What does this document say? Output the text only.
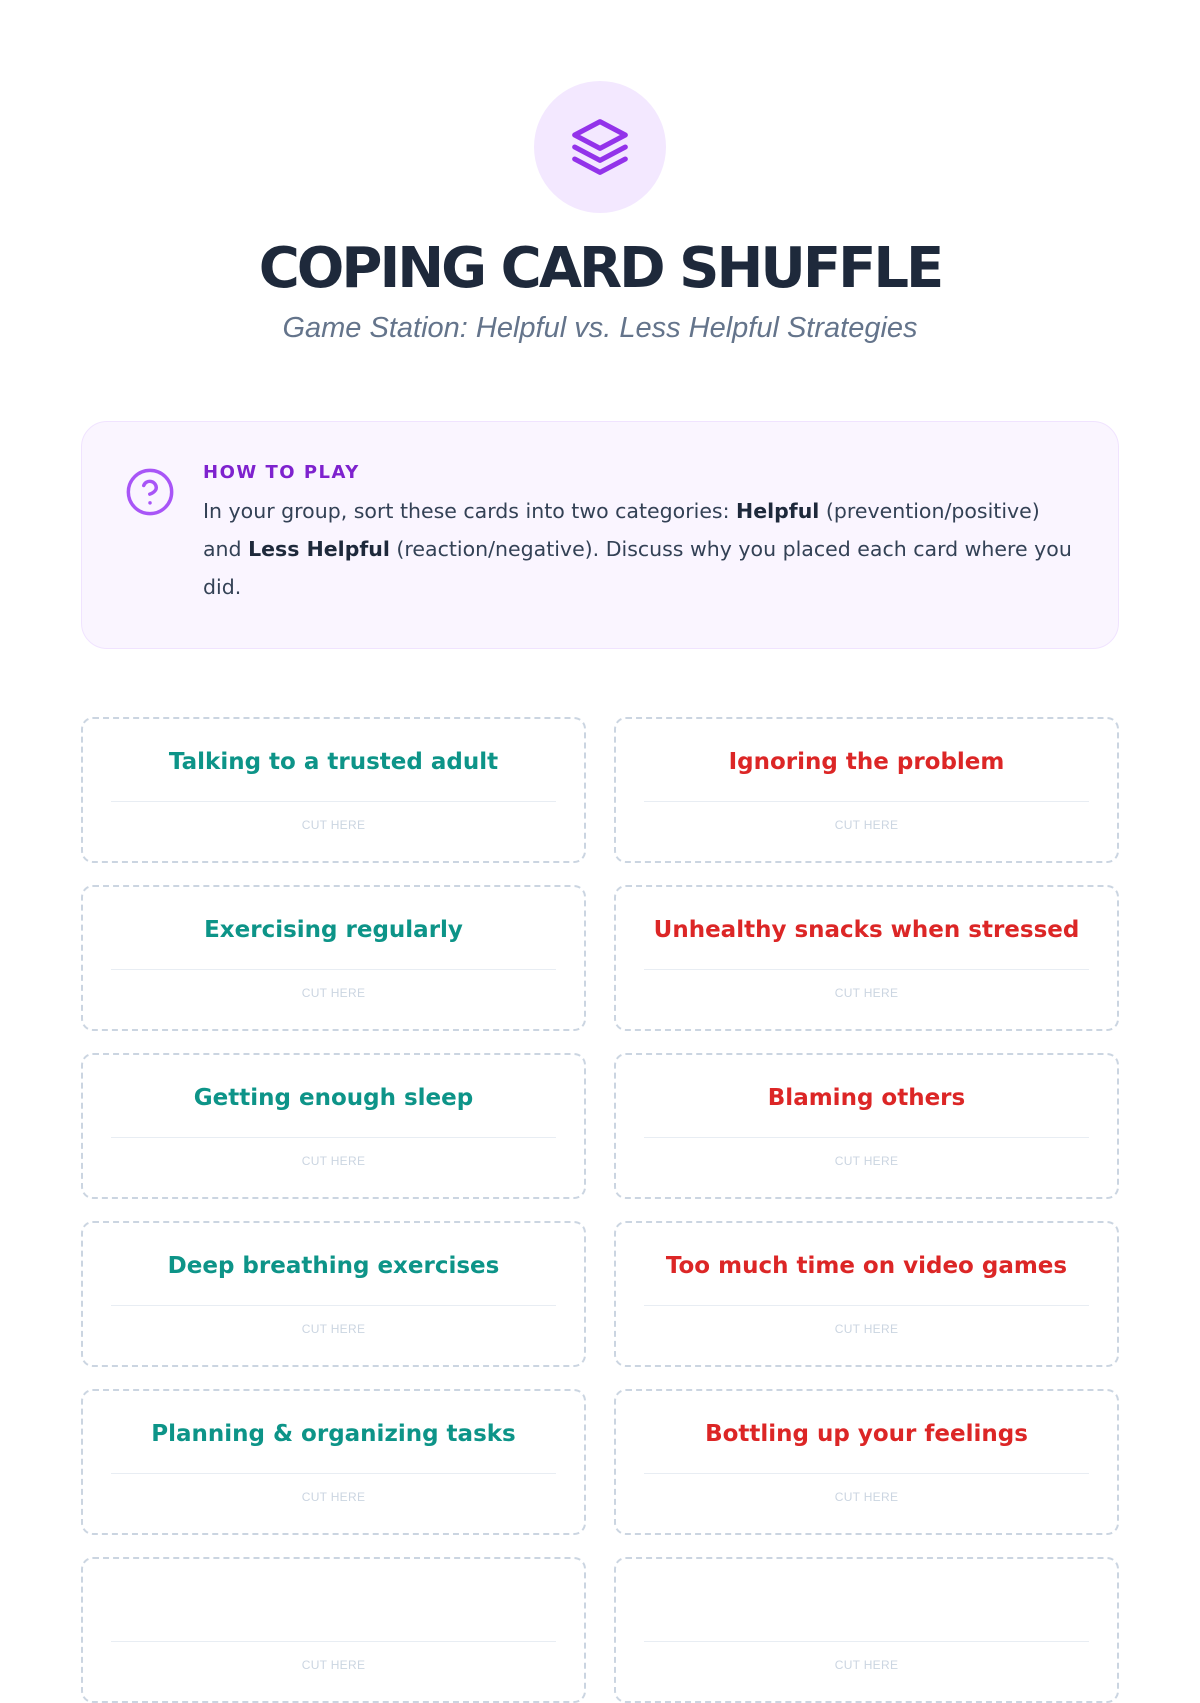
COPING CARD SHUFFLE

Game Station: Helpful vs. Less Helpful Strategies

HOW TO PLAY

In your group, sort these cards into two categories: Helpful (prevention/positive) and Less Helpful (reaction/negative). Discuss why you placed each card where you did.

Talking to a trusted adult

CUT HERE

Ignoring the problem

CUT HERE

Exercising regularly

CUT HERE

Unhealthy snacks when stressed

CUT HERE

Getting enough sleep

CUT HERE

Blaming others

CUT HERE

Deep breathing exercises

CUT HERE

Too much time on video games

CUT HERE

Planning & organizing tasks

CUT HERE

Bottling up your feelings

CUT HERE

CUT HERE	CUT HERE
